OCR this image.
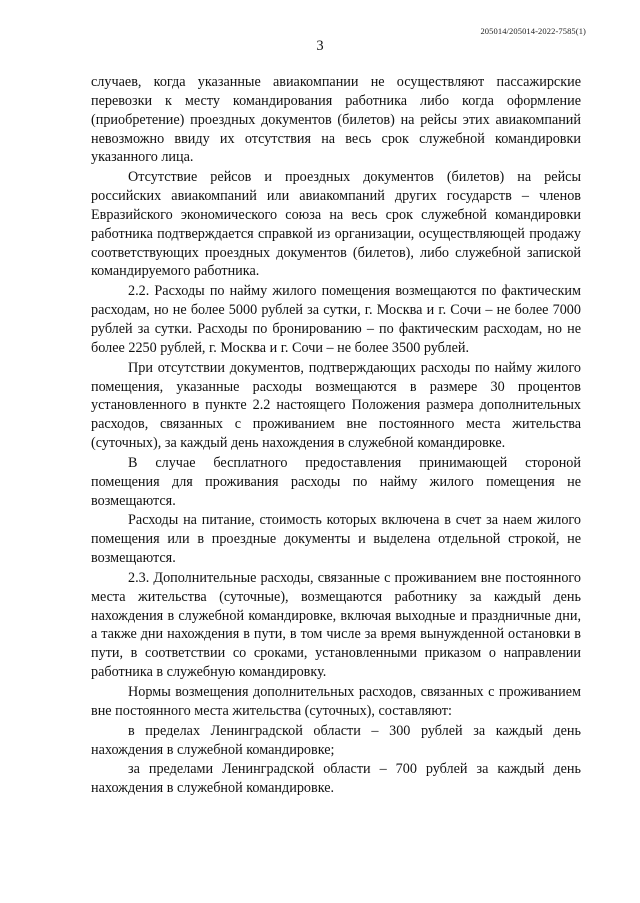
205014/205014-2022-7585(1)
3

случаев, когда указанные авиакомпании не осуществляют пассажирские перевозки к месту командирования работника либо когда оформление (приобретение) проездных документов (билетов) на рейсы этих авиакомпаний невозможно ввиду их отсутствия на весь срок служебной командировки указанного лица.

Отсутствие рейсов и проездных документов (билетов) на рейсы российских авиакомпаний или авиакомпаний других государств – членов Евразийского экономического союза на весь срок служебной командировки работника подтверждается справкой из организации, осуществляющей продажу соответствующих проездных документов (билетов), либо служебной запиской командируемого работника.

2.2. Расходы по найму жилого помещения возмещаются по фактическим расходам, но не более 5000 рублей за сутки, г. Москва и г. Сочи – не более 7000 рублей за сутки. Расходы по бронированию – по фактическим расходам, но не более 2250 рублей, г. Москва и г. Сочи – не более 3500 рублей.

При отсутствии документов, подтверждающих расходы по найму жилого помещения, указанные расходы возмещаются в размере 30 процентов установленного в пункте 2.2 настоящего Положения размера дополнительных расходов, связанных с проживанием вне постоянного места жительства (суточных), за каждый день нахождения в служебной командировке.

В случае бесплатного предоставления принимающей стороной помещения для проживания расходы по найму жилого помещения не возмещаются.

Расходы на питание, стоимость которых включена в счет за наем жилого помещения или в проездные документы и выделена отдельной строкой, не возмещаются.

2.3. Дополнительные расходы, связанные с проживанием вне постоянного места жительства (суточные), возмещаются работнику за каждый день нахождения в служебной командировке, включая выходные и праздничные дни, а также дни нахождения в пути, в том числе за время вынужденной остановки в пути, в соответствии со сроками, установленными приказом о направлении работника в служебную командировку.

Нормы возмещения дополнительных расходов, связанных с проживанием вне постоянного места жительства (суточных), составляют:

в пределах Ленинградской области – 300 рублей за каждый день нахождения в служебной командировке;

за пределами Ленинградской области – 700 рублей за каждый день нахождения в служебной командировке.
